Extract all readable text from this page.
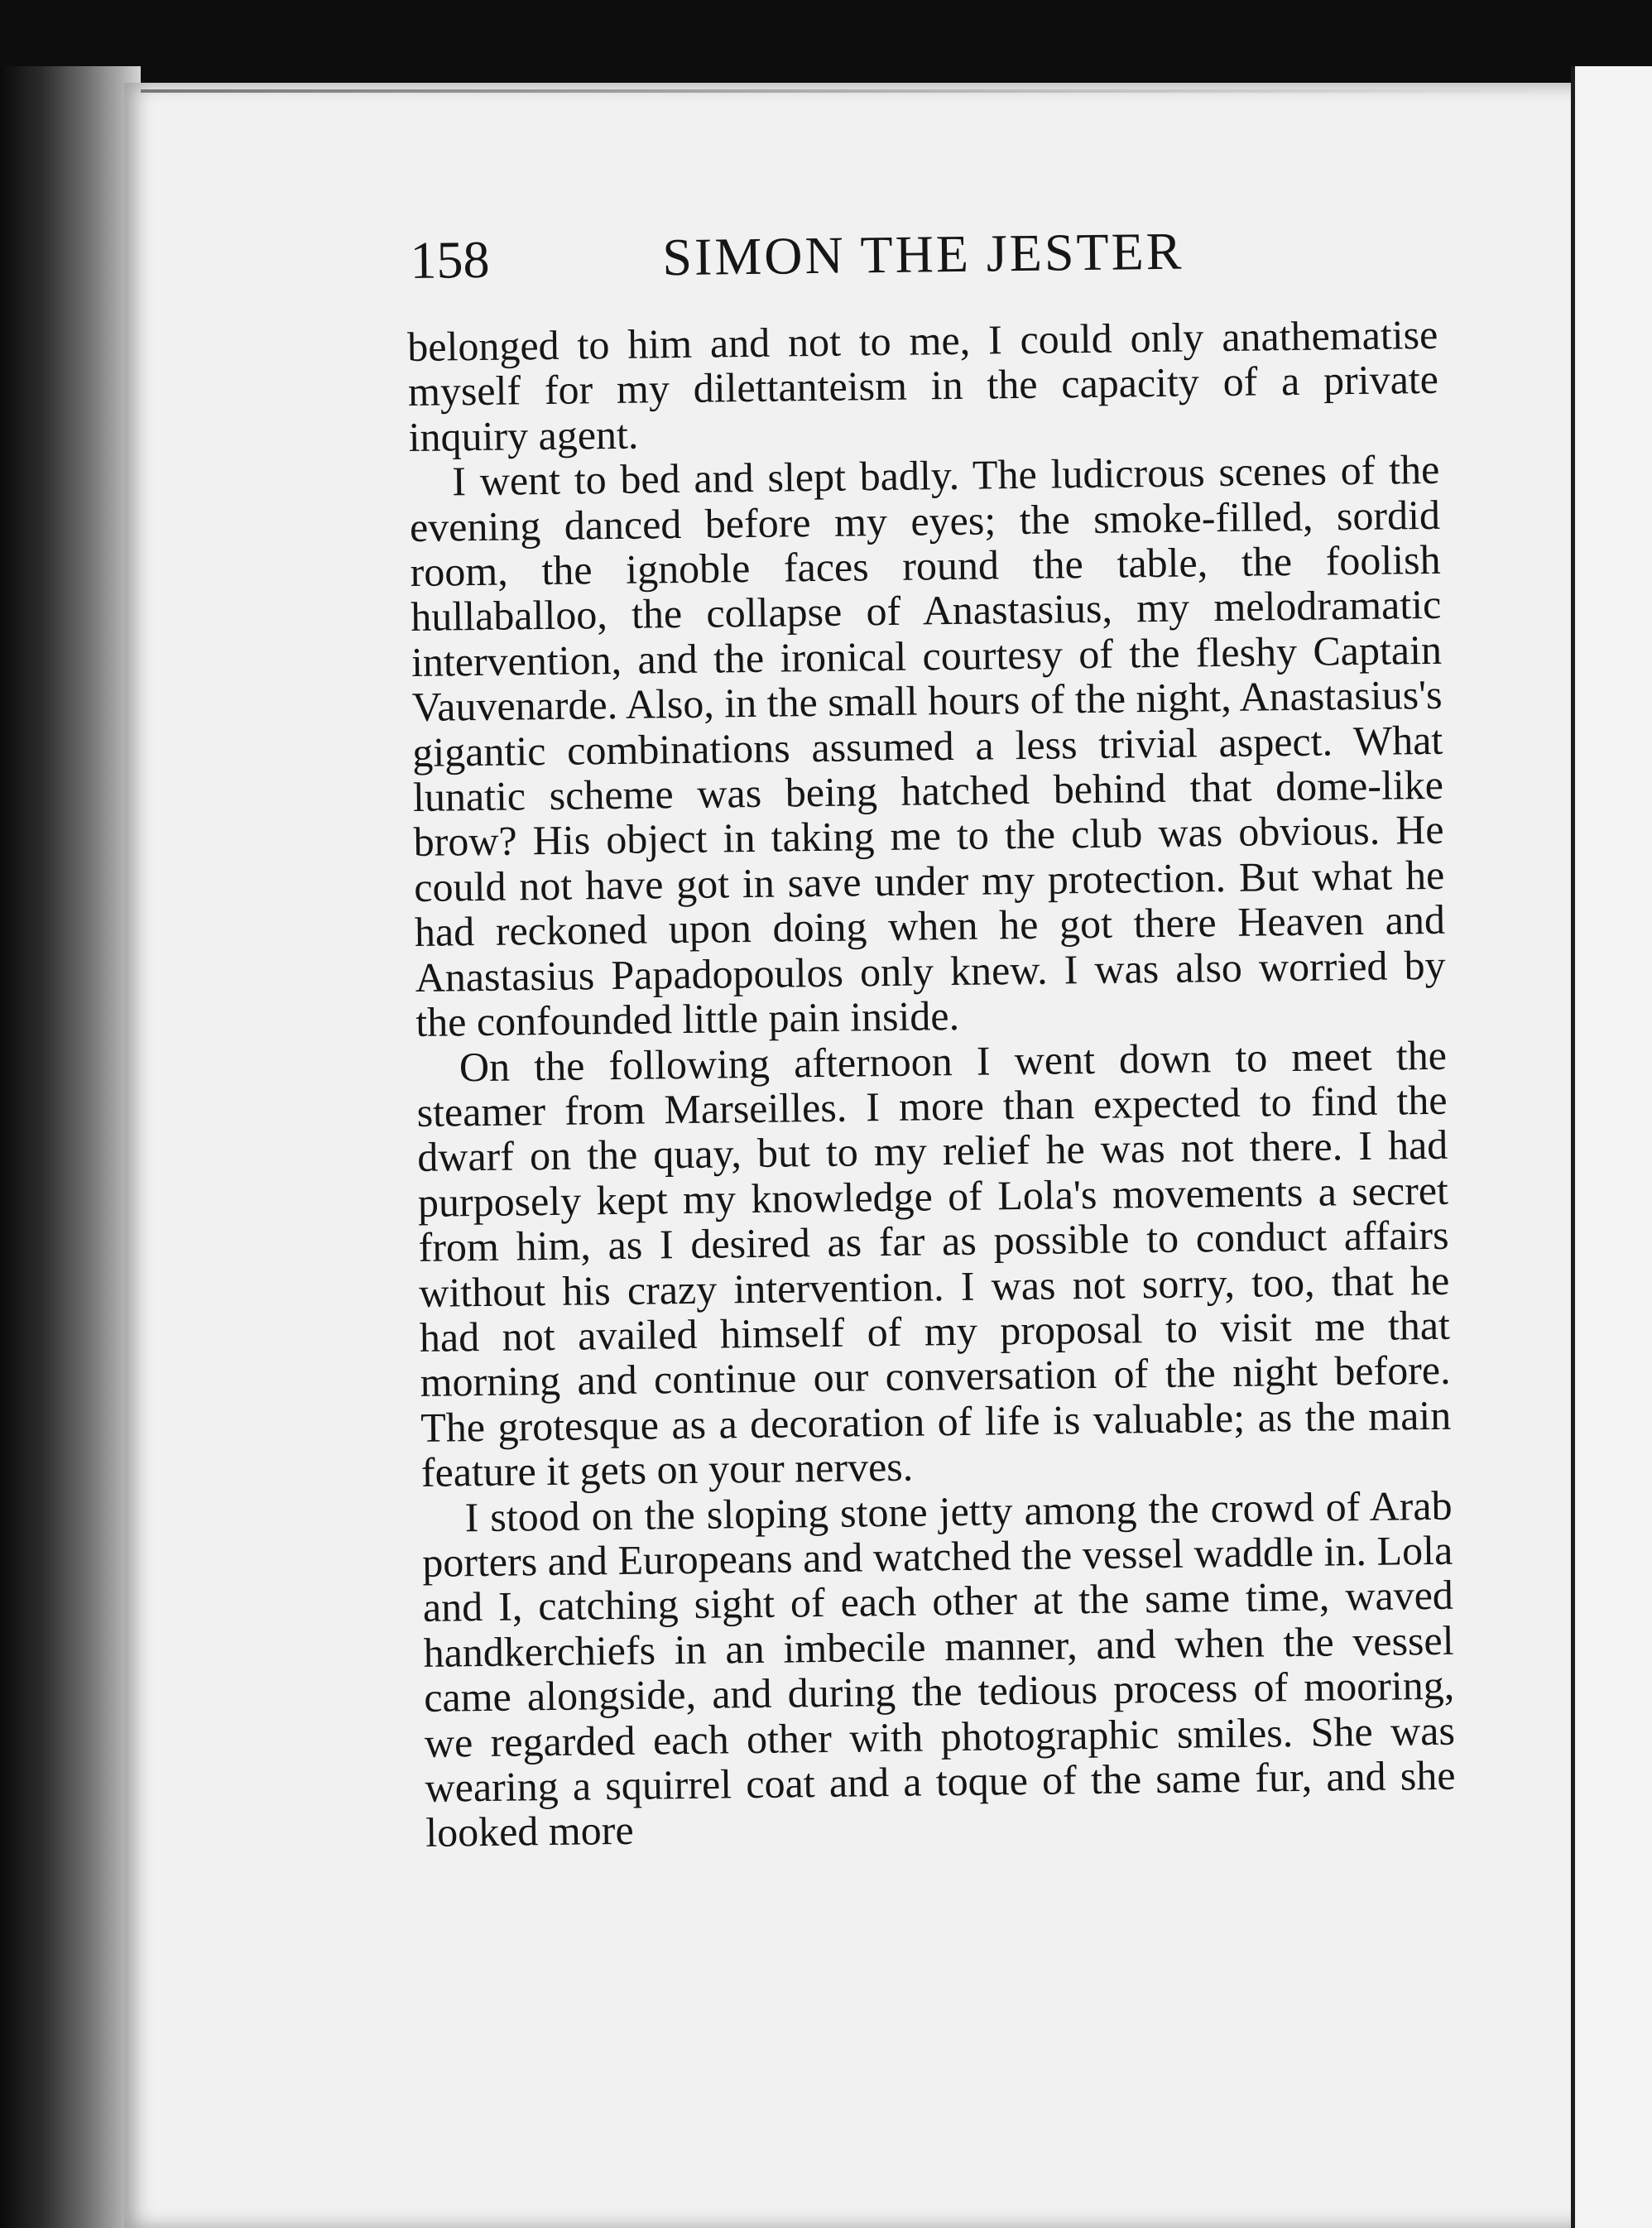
158	SIMON THE JESTER

belonged to him and not to me, I could only anathematise myself for my dilettanteism in the capacity of a private inquiry agent.

I went to bed and slept badly. The ludicrous scenes of the evening danced before my eyes; the smoke-filled, sordid room, the ignoble faces round the table, the foolish hullaballoo, the collapse of Anastasius, my melodramatic intervention, and the ironical courtesy of the fleshy Captain Vauvenarde. Also, in the small hours of the night, Anastasius's gigantic combinations assumed a less trivial aspect. What lunatic scheme was being hatched behind that dome-like brow? His object in taking me to the club was obvious. He could not have got in save under my protection. But what he had reckoned upon doing when he got there Heaven and Anastasius Papadopoulos only knew. I was also worried by the confounded little pain inside.

On the following afternoon I went down to meet the steamer from Marseilles. I more than expected to find the dwarf on the quay, but to my relief he was not there. I had purposely kept my knowledge of Lola's movements a secret from him, as I desired as far as possible to conduct affairs without his crazy intervention. I was not sorry, too, that he had not availed himself of my proposal to visit me that morning and continue our conversation of the night before. The grotesque as a decoration of life is valuable; as the main feature it gets on your nerves.

I stood on the sloping stone jetty among the crowd of Arab porters and Europeans and watched the vessel waddle in. Lola and I, catching sight of each other at the same time, waved handkerchiefs in an imbecile manner, and when the vessel came alongside, and during the tedious process of mooring, we regarded each other with photographic smiles. She was wearing a squirrel coat and a toque of the same fur, and she looked more
